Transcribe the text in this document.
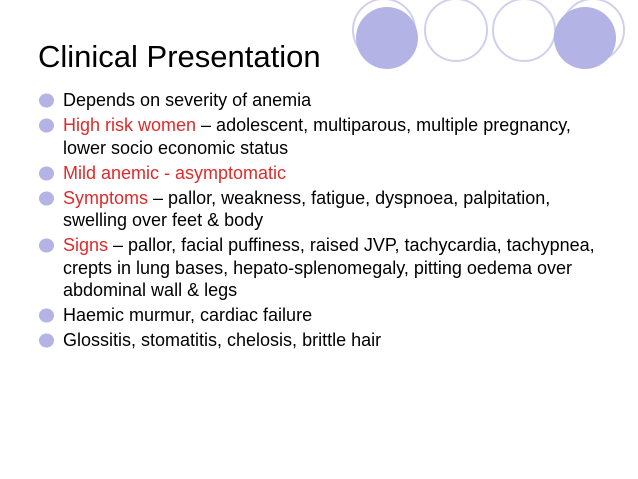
Clinical Presentation
Depends on severity of anemia
High risk women – adolescent, multiparous, multiple pregnancy, lower socio economic status
Mild anemic - asymptomatic
Symptoms – pallor, weakness, fatigue, dyspnoea, palpitation, swelling over feet & body
Signs – pallor, facial puffiness, raised JVP, tachycardia, tachypnea, crepts in lung bases, hepato-splenomegaly, pitting oedema over abdominal wall & legs
Haemic murmur, cardiac failure
Glossitis, stomatitis, chelosis, brittle hair
